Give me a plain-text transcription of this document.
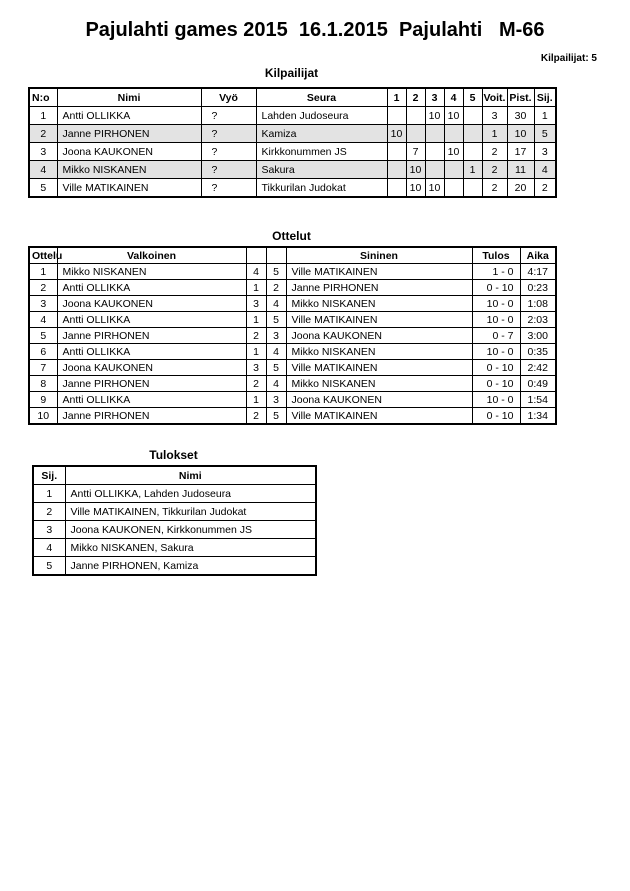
Pajulahti games 2015  16.1.2015  Pajulahti   M-66
Kilpailijat: 5
Kilpailijat
N:o	Nimi	Vyö	Seura	1	2	3	4	5	Voit.	Pist.	Sij.
1	Antti OLLIKKA	?	Lahden Judoseura			10	10		3	30	1
2	Janne PIRHONEN	?	Kamiza	10					1	10	5
3	Joona KAUKONEN	?	Kirkkonummen JS		7		10		2	17	3
4	Mikko NISKANEN	?	Sakura		10			1	2	11	4
5	Ville MATIKAINEN	?	Tikkurilan Judokat		10	10			2	20	2
Ottelut
Ottelu	Valkoinen			Sininen	Tulos	Aika
1	Mikko NISKANEN	4	5	Ville MATIKAINEN	1 - 0	4:17
2	Antti OLLIKKA	1	2	Janne PIRHONEN	0 - 10	0:23
3	Joona KAUKONEN	3	4	Mikko NISKANEN	10 - 0	1:08
4	Antti OLLIKKA	1	5	Ville MATIKAINEN	10 - 0	2:03
5	Janne PIRHONEN	2	3	Joona KAUKONEN	0 - 7	3:00
6	Antti OLLIKKA	1	4	Mikko NISKANEN	10 - 0	0:35
7	Joona KAUKONEN	3	5	Ville MATIKAINEN	0 - 10	2:42
8	Janne PIRHONEN	2	4	Mikko NISKANEN	0 - 10	0:49
9	Antti OLLIKKA	1	3	Joona KAUKONEN	10 - 0	1:54
10	Janne PIRHONEN	2	5	Ville MATIKAINEN	0 - 10	1:34
Tulokset
Sij.	Nimi
1	Antti OLLIKKA, Lahden Judoseura
2	Ville MATIKAINEN, Tikkurilan Judokat
3	Joona KAUKONEN, Kirkkonummen JS
4	Mikko NISKANEN, Sakura
5	Janne PIRHONEN, Kamiza
